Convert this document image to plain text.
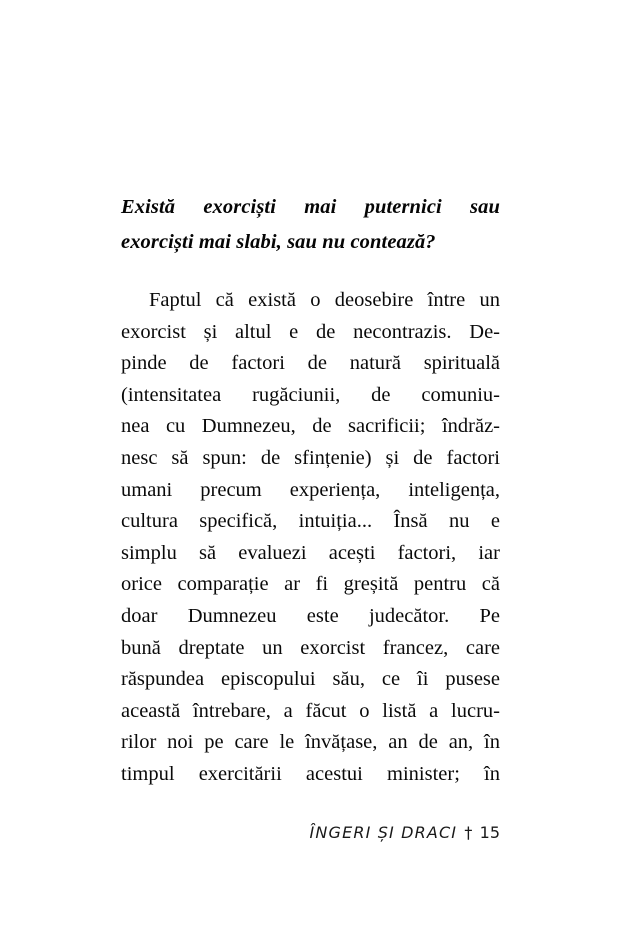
Există exorciști mai puternici sau
exorciști mai slabi, sau nu contează?

Faptul că există o deosebire între un
exorcist și altul e de necontrazis. De-
pinde de factori de natură spirituală
(intensitatea rugăciunii, de comuniu-
nea cu Dumnezeu, de sacrificii; îndrăz-
nesc să spun: de sfințenie) și de factori
umani precum experiența, inteligența,
cultura specifică, intuiția... Însă nu e
simplu să evaluezi acești factori, iar
orice comparație ar fi greșită pentru că
doar Dumnezeu este judecător. Pe
bună dreptate un exorcist francez, care
răspundea episcopului său, ce îi pusese
această întrebare, a făcut o listă a lucru-
rilor noi pe care le învățase, an de an, în
timpul exercitării acestui minister; în

ÎNGERI ȘI DRACI † 15
